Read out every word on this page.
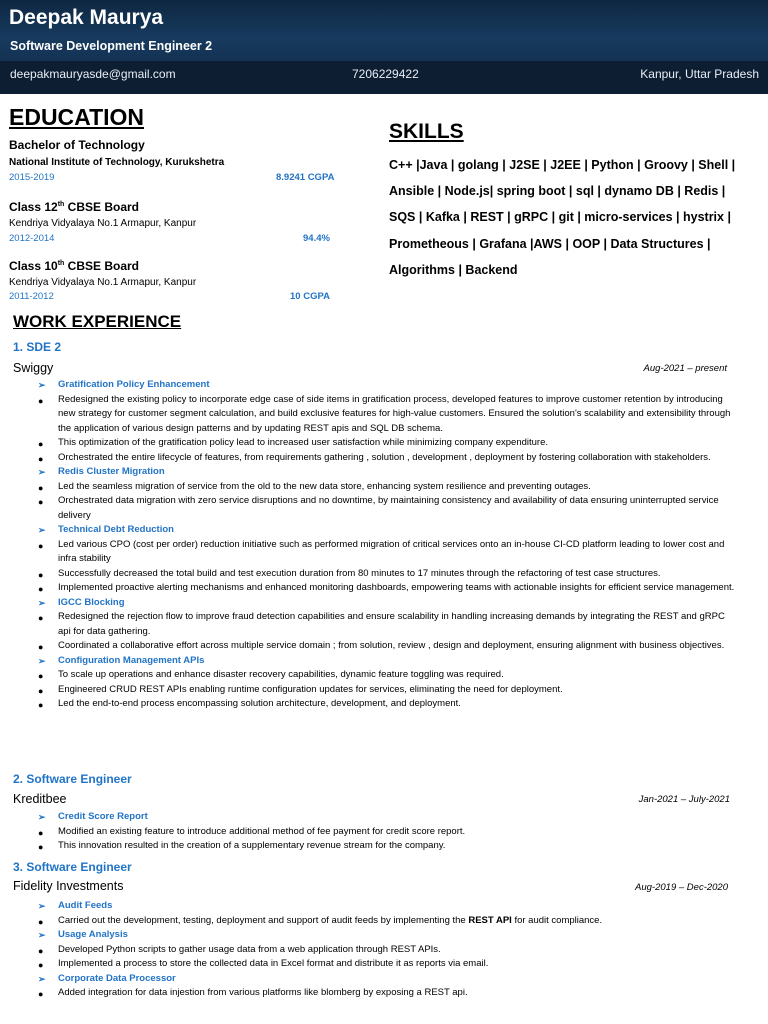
Deepak Maurya
Software Development Engineer 2
deepakmauryasde@gmail.com	7206229422	Kanpur, Uttar Pradesh
EDUCATION
Bachelor of Technology
National Institute of Technology, Kurukshetra
2015-2019	8.9241 CGPA
Class 12th CBSE Board
Kendriya Vidyalaya No.1 Armapur, Kanpur
2012-2014	94.4%
Class 10th CBSE Board
Kendriya Vidyalaya No.1 Armapur, Kanpur
2011-2012	10 CGPA
SKILLS
C++ |Java | golang | J2SE | J2EE | Python | Groovy | Shell | Ansible | Node.js| spring boot | sql | dynamo DB | Redis | SQS | Kafka | REST | gRPC | git | micro-services | hystrix | Prometheous | Grafana |AWS | OOP | Data Structures | Algorithms | Backend
WORK EXPERIENCE
1. SDE 2
Swiggy	Aug-2021 – present
➢ Gratification Policy Enhancement
● Redesigned the existing policy to incorporate edge case of side items in gratification process, developed features to improve customer retention by introducing new strategy for customer segment calculation, and build exclusive features for high-value customers. Ensured the solution's scalability and extensibility through the application of various design patterns and by updating REST apis and SQL DB schema.
● This optimization of the gratification policy lead to increased user satisfaction while minimizing company expenditure.
● Orchestrated the entire lifecycle of features, from requirements gathering , solution , development , deployment by fostering collaboration with stakeholders.
➢ Redis Cluster Migration
● Led the seamless migration of service from the old to the new data store, enhancing system resilience and preventing outages.
● Orchestrated data migration with zero service disruptions and no downtime, by maintaining consistency and availability of data ensuring uninterrupted service delivery
➢ Technical Debt Reduction
● Led various CPO (cost per order) reduction initiative such as performed migration of critical services onto an in-house CI-CD platform leading to lower cost and infra stability
● Successfully decreased the total build and test execution duration from 80 minutes to 17 minutes through the refactoring of test case structures.
● Implemented proactive alerting mechanisms and enhanced monitoring dashboards, empowering teams with actionable insights for efficient service management.
➢ IGCC Blocking
● Redesigned the rejection flow to improve fraud detection capabilities and ensure scalability in handling increasing demands by integrating the REST and gRPC api for data gathering.
● Coordinated a collaborative effort across multiple service domain ; from solution, review , design and deployment, ensuring alignment with business objectives.
➢ Configuration Management APIs
● To scale up operations and enhance disaster recovery capabilities, dynamic feature toggling was required.
● Engineered CRUD REST APIs enabling runtime configuration updates for services, eliminating the need for deployment.
● Led the end-to-end process encompassing solution architecture, development, and deployment.
2. Software Engineer
Kreditbee	Jan-2021 – July-2021
➢ Credit Score Report
● Modified an existing feature to introduce additional method of fee payment for credit score report.
● This innovation resulted in the creation of a supplementary revenue stream for the company.
3. Software Engineer
Fidelity Investments	Aug-2019 – Dec-2020
➢ Audit Feeds
● Carried out the development, testing, deployment and support of audit feeds by implementing the REST API for audit compliance.
➢ Usage Analysis
● Developed Python scripts to gather usage data from a web application through REST APIs.
● Implemented a process to store the collected data in Excel format and distribute it as reports via email.
➢ Corporate Data Processor
● Added integration for data injestion from various platforms like blomberg by exposing a REST api.
